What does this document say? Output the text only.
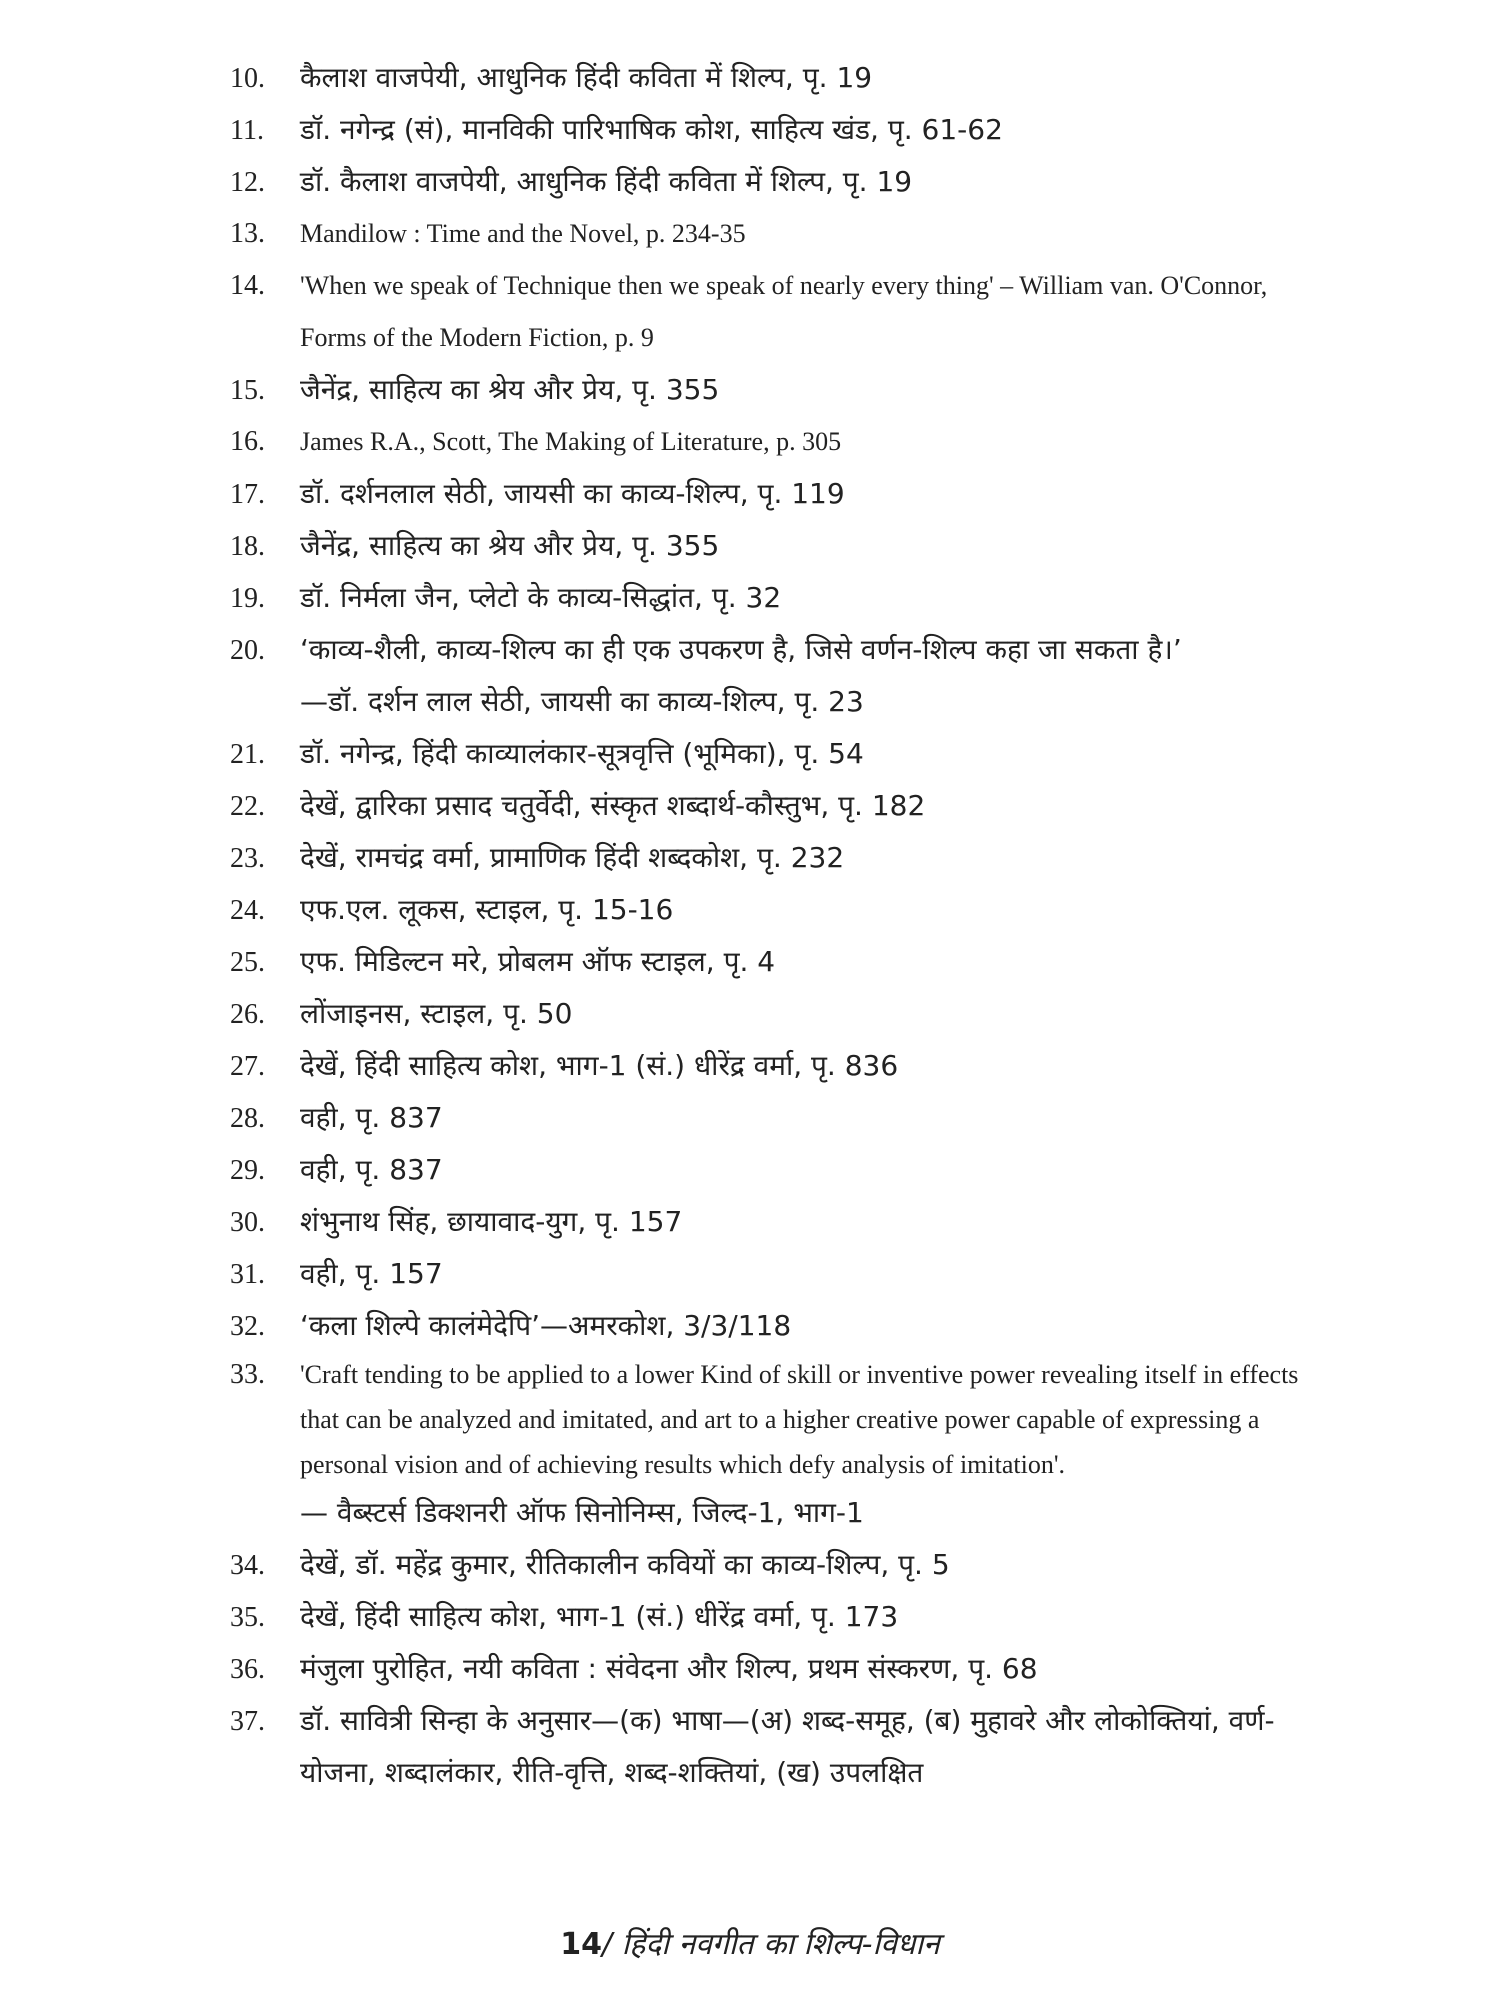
10.	कैलाश वाजपेयी, आधुनिक हिंदी कविता में शिल्प, पृ. 19
11.	डॉ. नगेन्द्र (सं), मानविकी पारिभाषिक कोश, साहित्य खंड, पृ. 61-62
12.	डॉ. कैलाश वाजपेयी, आधुनिक हिंदी कविता में शिल्प, पृ. 19
13.	Mandilow : Time and the Novel, p. 234-35
14.	'When we speak of Technique then we speak of nearly every thing' – William van. O'Connor, Forms of the Modern Fiction, p. 9
15.	जैनेंद्र, साहित्य का श्रेय और प्रेय, पृ. 355
16.	James R.A., Scott, The Making of Literature, p. 305
17.	डॉ. दर्शनलाल सेठी, जायसी का काव्य-शिल्प, पृ. 119
18.	जैनेंद्र, साहित्य का श्रेय और प्रेय, पृ. 355
19.	डॉ. निर्मला जैन, प्लेटो के काव्य-सिद्धांत, पृ. 32
20.	‘काव्य-शैली, काव्य-शिल्प का ही एक उपकरण है, जिसे वर्णन-शिल्प कहा जा सकता है।’
—डॉ. दर्शन लाल सेठी, जायसी का काव्य-शिल्प, पृ. 23
21.	डॉ. नगेन्द्र, हिंदी काव्यालंकार-सूत्रवृत्ति (भूमिका), पृ. 54
22.	देखें, द्वारिका प्रसाद चतुर्वेदी, संस्कृत शब्दार्थ-कौस्तुभ, पृ. 182
23.	देखें, रामचंद्र वर्मा, प्रामाणिक हिंदी शब्दकोश, पृ. 232
24.	एफ.एल. लूकस, स्टाइल, पृ. 15-16
25.	एफ. मिडिल्टन मरे, प्रोबलम ऑफ स्टाइल, पृ. 4
26.	लोंजाइनस, स्टाइल, पृ. 50
27.	देखें, हिंदी साहित्य कोश, भाग-1 (सं.) धीरेंद्र वर्मा, पृ. 836
28.	वही, पृ. 837
29.	वही, पृ. 837
30.	शंभुनाथ सिंह, छायावाद-युग, पृ. 157
31.	वही, पृ. 157
32.	‘कला शिल्पे कालंमेदेपि’—अमरकोश, 3/3/118
33.	'Craft tending to be applied to a lower Kind of skill or inventive power revealing itself in effects that can be analyzed and imitated, and art to a higher creative power capable of expressing a personal vision and of achieving results which defy analysis of imitation'.
— वैब्स्टर्स डिक्शनरी ऑफ सिनोनिम्स, जिल्द-1, भाग-1
34.	देखें, डॉ. महेंद्र कुमार, रीतिकालीन कवियों का काव्य-शिल्प, पृ. 5
35.	देखें, हिंदी साहित्य कोश, भाग-1 (सं.) धीरेंद्र वर्मा, पृ. 173
36.	मंजुला पुरोहित, नयी कविता : संवेदना और शिल्प, प्रथम संस्करण, पृ. 68
37.	डॉ. सावित्री सिन्हा के अनुसार—(क) भाषा—(अ) शब्द-समूह, (ब) मुहावरे और लोकोक्तियां, वर्ण-योजना, शब्दालंकार, रीति-वृत्ति, शब्द-शक्तियां, (ख) उपलक्षित
14/ हिंदी नवगीत का शिल्प-विधान
